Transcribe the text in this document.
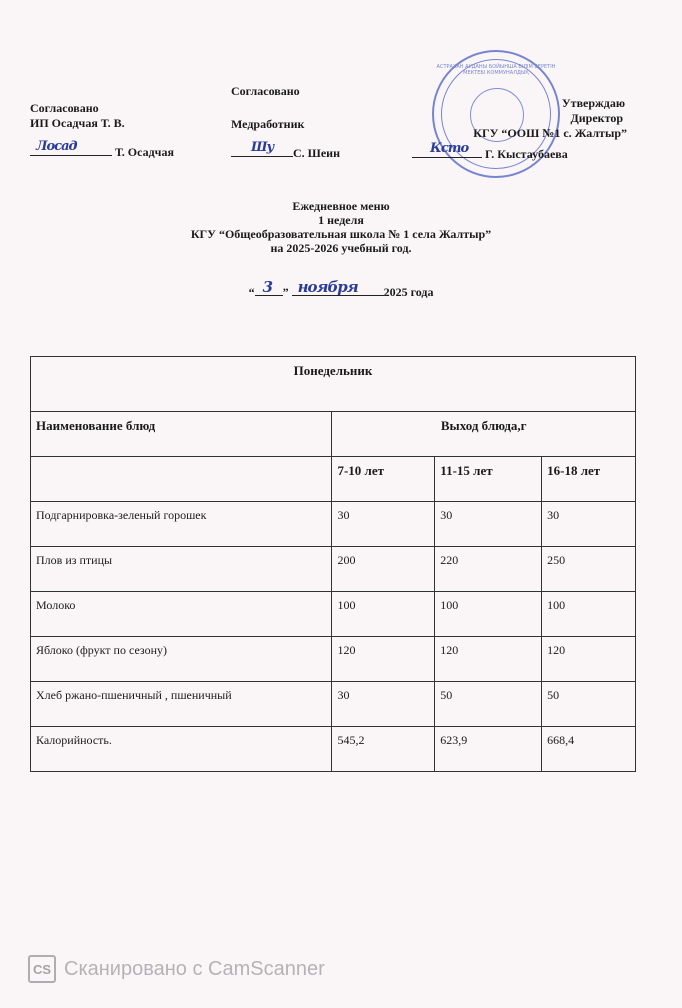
Согласовано
ИП Осадчая Т. В.
Лосад	Т. Осадчая
Согласовано
Медработник
Шу С. Шеин
АСТРАХАН АУДАНЫ БОЙЫНША БІЛІМ БЕРЕТІН МЕКТЕБІ КОММУНАЛДЫҚ
Утверждаю
Директор
КГУ “ООШ №1 с. Жалтыр”
Ксто Г. Кыстаубаева
Ежедневное меню
1 неделя
КГУ “Общеобразовательная школа № 1 села Жалтыр”
на 2025-2026 учебный год.
“ 3 ” ноября 2025 года
Понедельник			
Наименование блюд	Выход блюда,г		
	7-10 лет	11-15 лет	16-18 лет
Подгарнировка-зеленый горошек	30	30	30
Плов из птицы	200	220	250
Молоко	100	100	100
Яблоко (фрукт по сезону)	120	120	120
Хлеб ржано-пшеничный , пшеничный	30	50	50
Калорийность.	545,2	623,9	668,4
CS Сканировано с CamScanner
